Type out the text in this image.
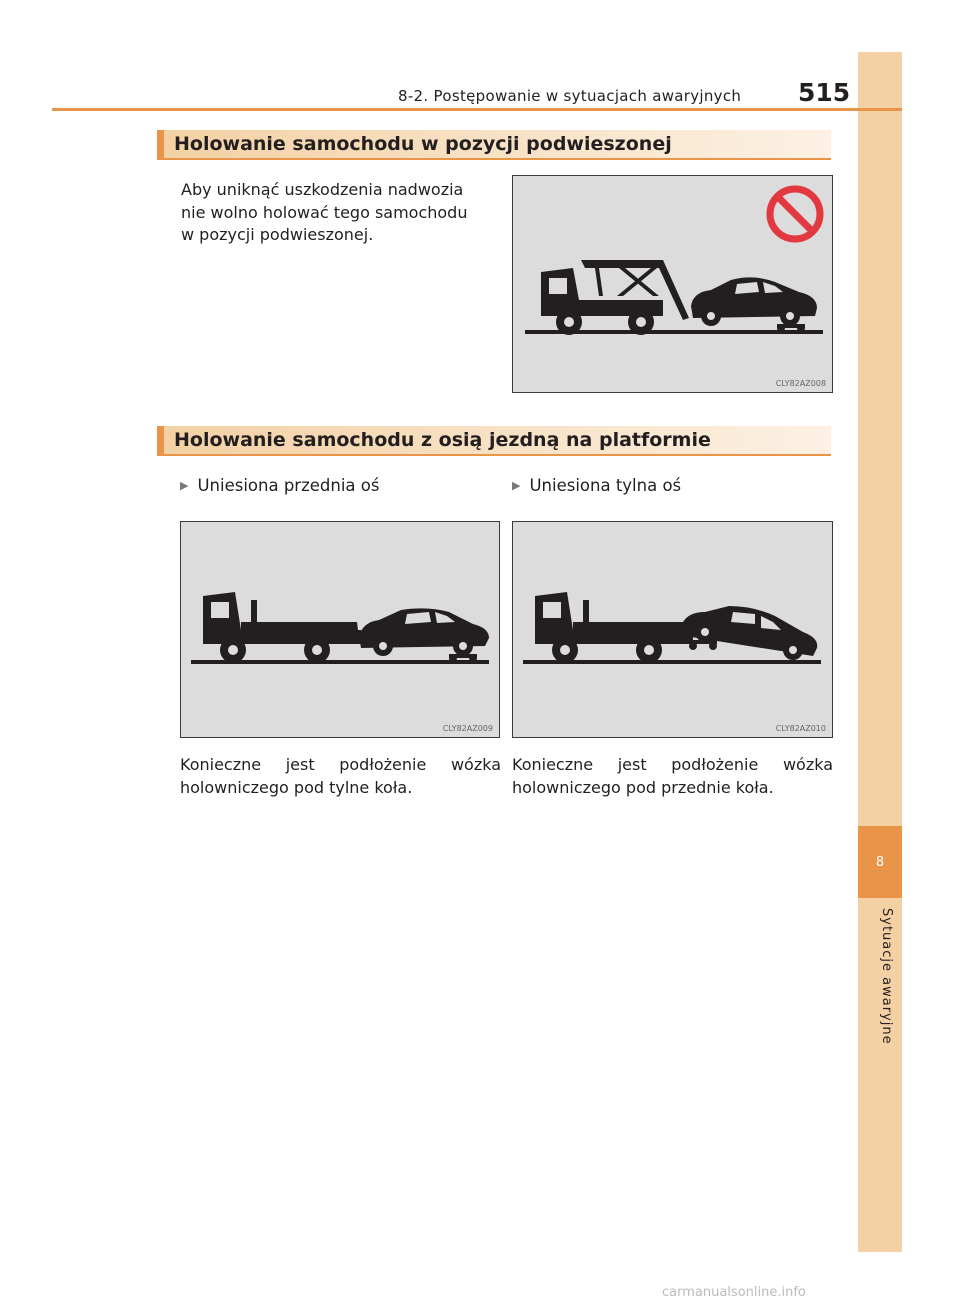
8
Sytuacje awaryjne
8-2. Postępowanie w sytuacjach awaryjnych 515
Holowanie samochodu w pozycji podwieszonej
Aby uniknąć uszkodzenia nadwozia
nie wolno holować tego samochodu
w pozycji podwieszonej.
CLY82AZ008
Holowanie samochodu z osią jezdną na platformie
▶ Uniesiona przednia oś	▶ Uniesiona tylna oś
CLY82AZ009	CLY82AZ010
Konieczne jest podłożenie wózka holowniczego pod tylne koła.
Konieczne jest podłożenie wózka holowniczego pod przednie koła.
carmanualsonline.info
